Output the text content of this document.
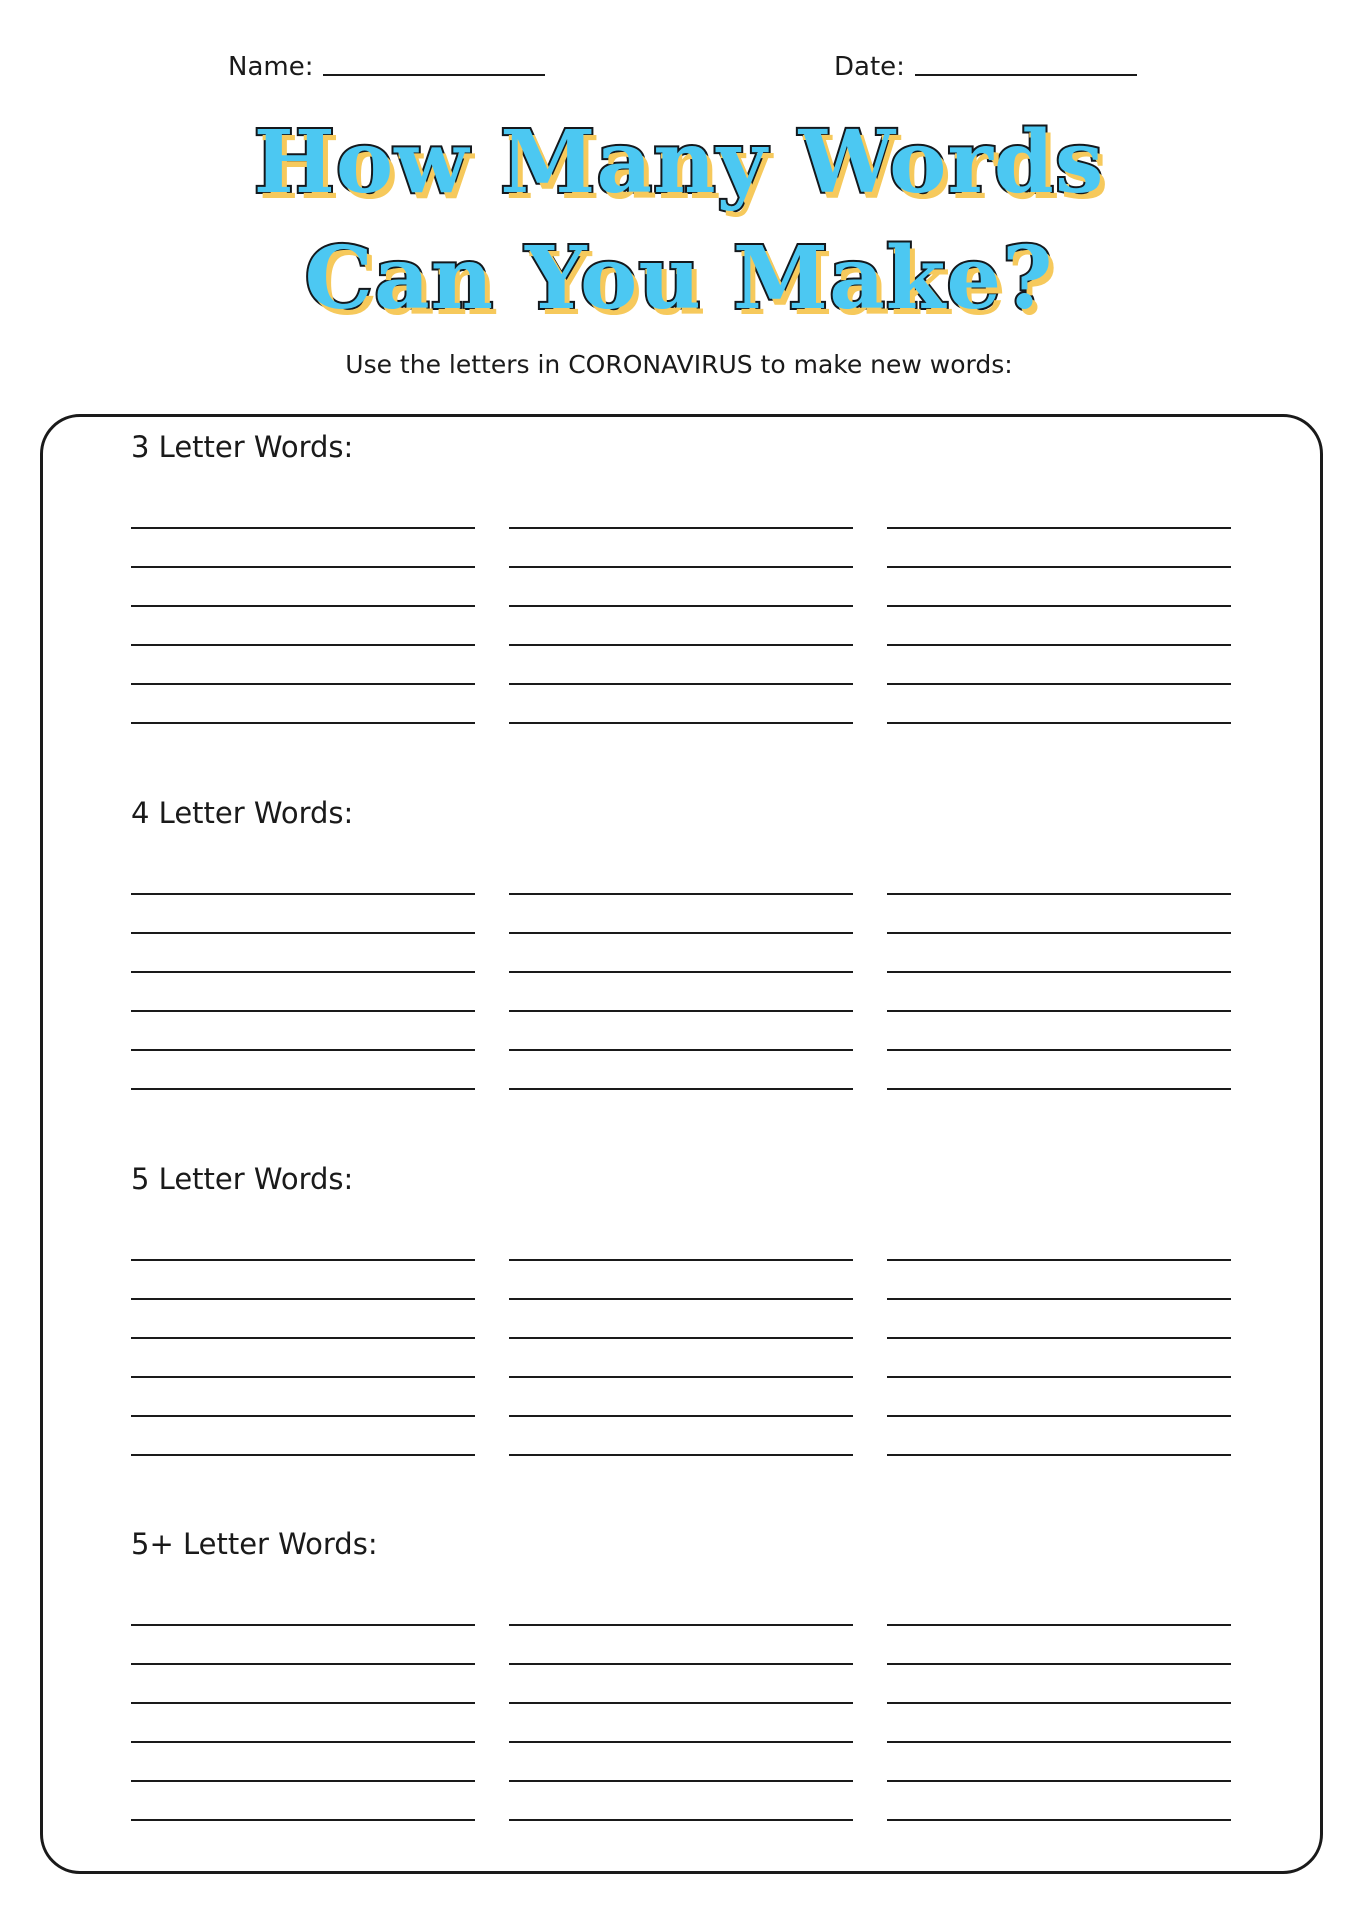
Name:	Date:
How Many Words
Can You Make?
Use the letters in CORONAVIRUS to make new words:
3 Letter Words:
4 Letter Words:
5 Letter Words:
5+ Letter Words:
